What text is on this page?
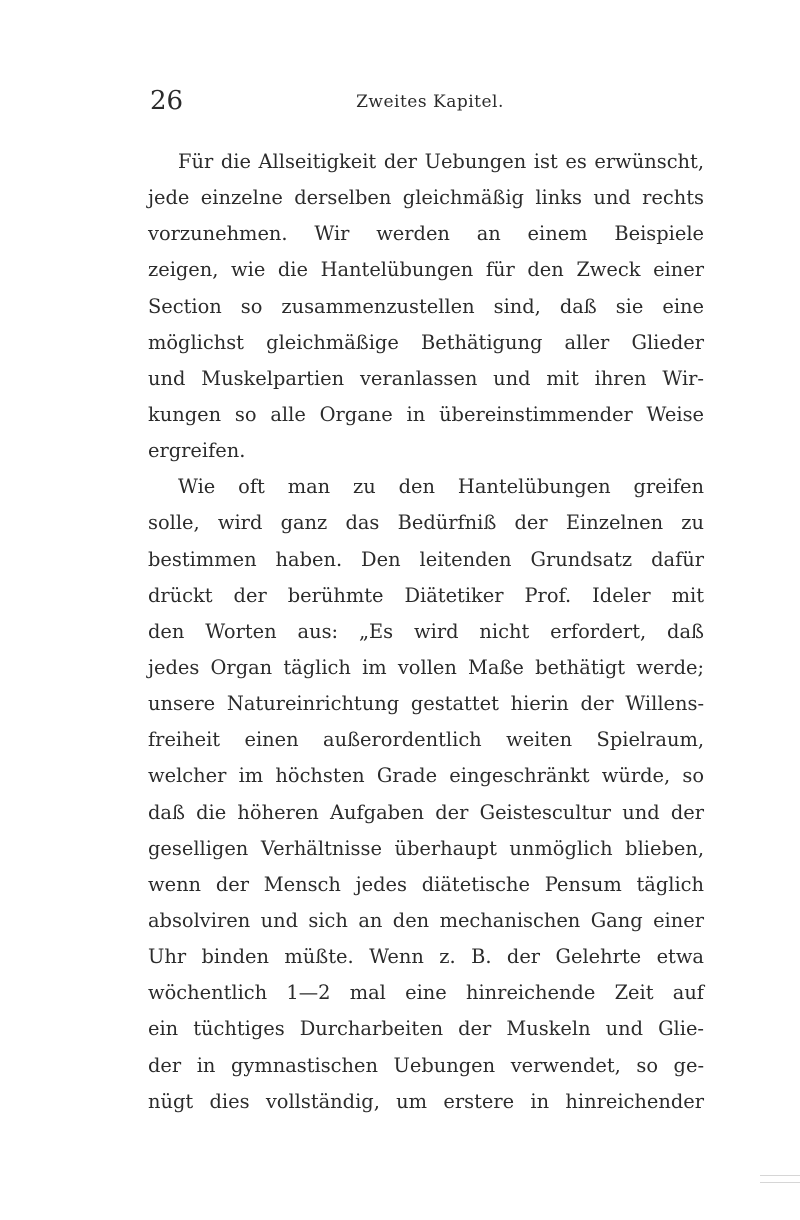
26	Zweites Kapitel.
Für die Allseitigkeit der Uebungen ist es erwünscht,
jede einzelne derselben gleichmäßig links und rechts
vorzunehmen. Wir werden an einem Beispiele
zeigen, wie die Hantelübungen für den Zweck einer
Section so zusammenzustellen sind, daß sie eine
möglichst gleichmäßige Bethätigung aller Glieder
und Muskelpartien veranlassen und mit ihren Wir-
kungen so alle Organe in übereinstimmender Weise
ergreifen.
Wie oft man zu den Hantelübungen greifen
solle, wird ganz das Bedürfniß der Einzelnen zu
bestimmen haben. Den leitenden Grundsatz dafür
drückt der berühmte Diätetiker Prof. Ideler mit
den Worten aus: „Es wird nicht erfordert, daß
jedes Organ täglich im vollen Maße bethätigt werde;
unsere Natureinrichtung gestattet hierin der Willens-
freiheit einen außerordentlich weiten Spielraum,
welcher im höchsten Grade eingeschränkt würde, so
daß die höheren Aufgaben der Geistescultur und der
geselligen Verhältnisse überhaupt unmöglich blieben,
wenn der Mensch jedes diätetische Pensum täglich
absolviren und sich an den mechanischen Gang einer
Uhr binden müßte. Wenn z. B. der Gelehrte etwa
wöchentlich 1—2 mal eine hinreichende Zeit auf
ein tüchtiges Durcharbeiten der Muskeln und Glie-
der in gymnastischen Uebungen verwendet, so ge-
nügt dies vollständig, um erstere in hinreichender
